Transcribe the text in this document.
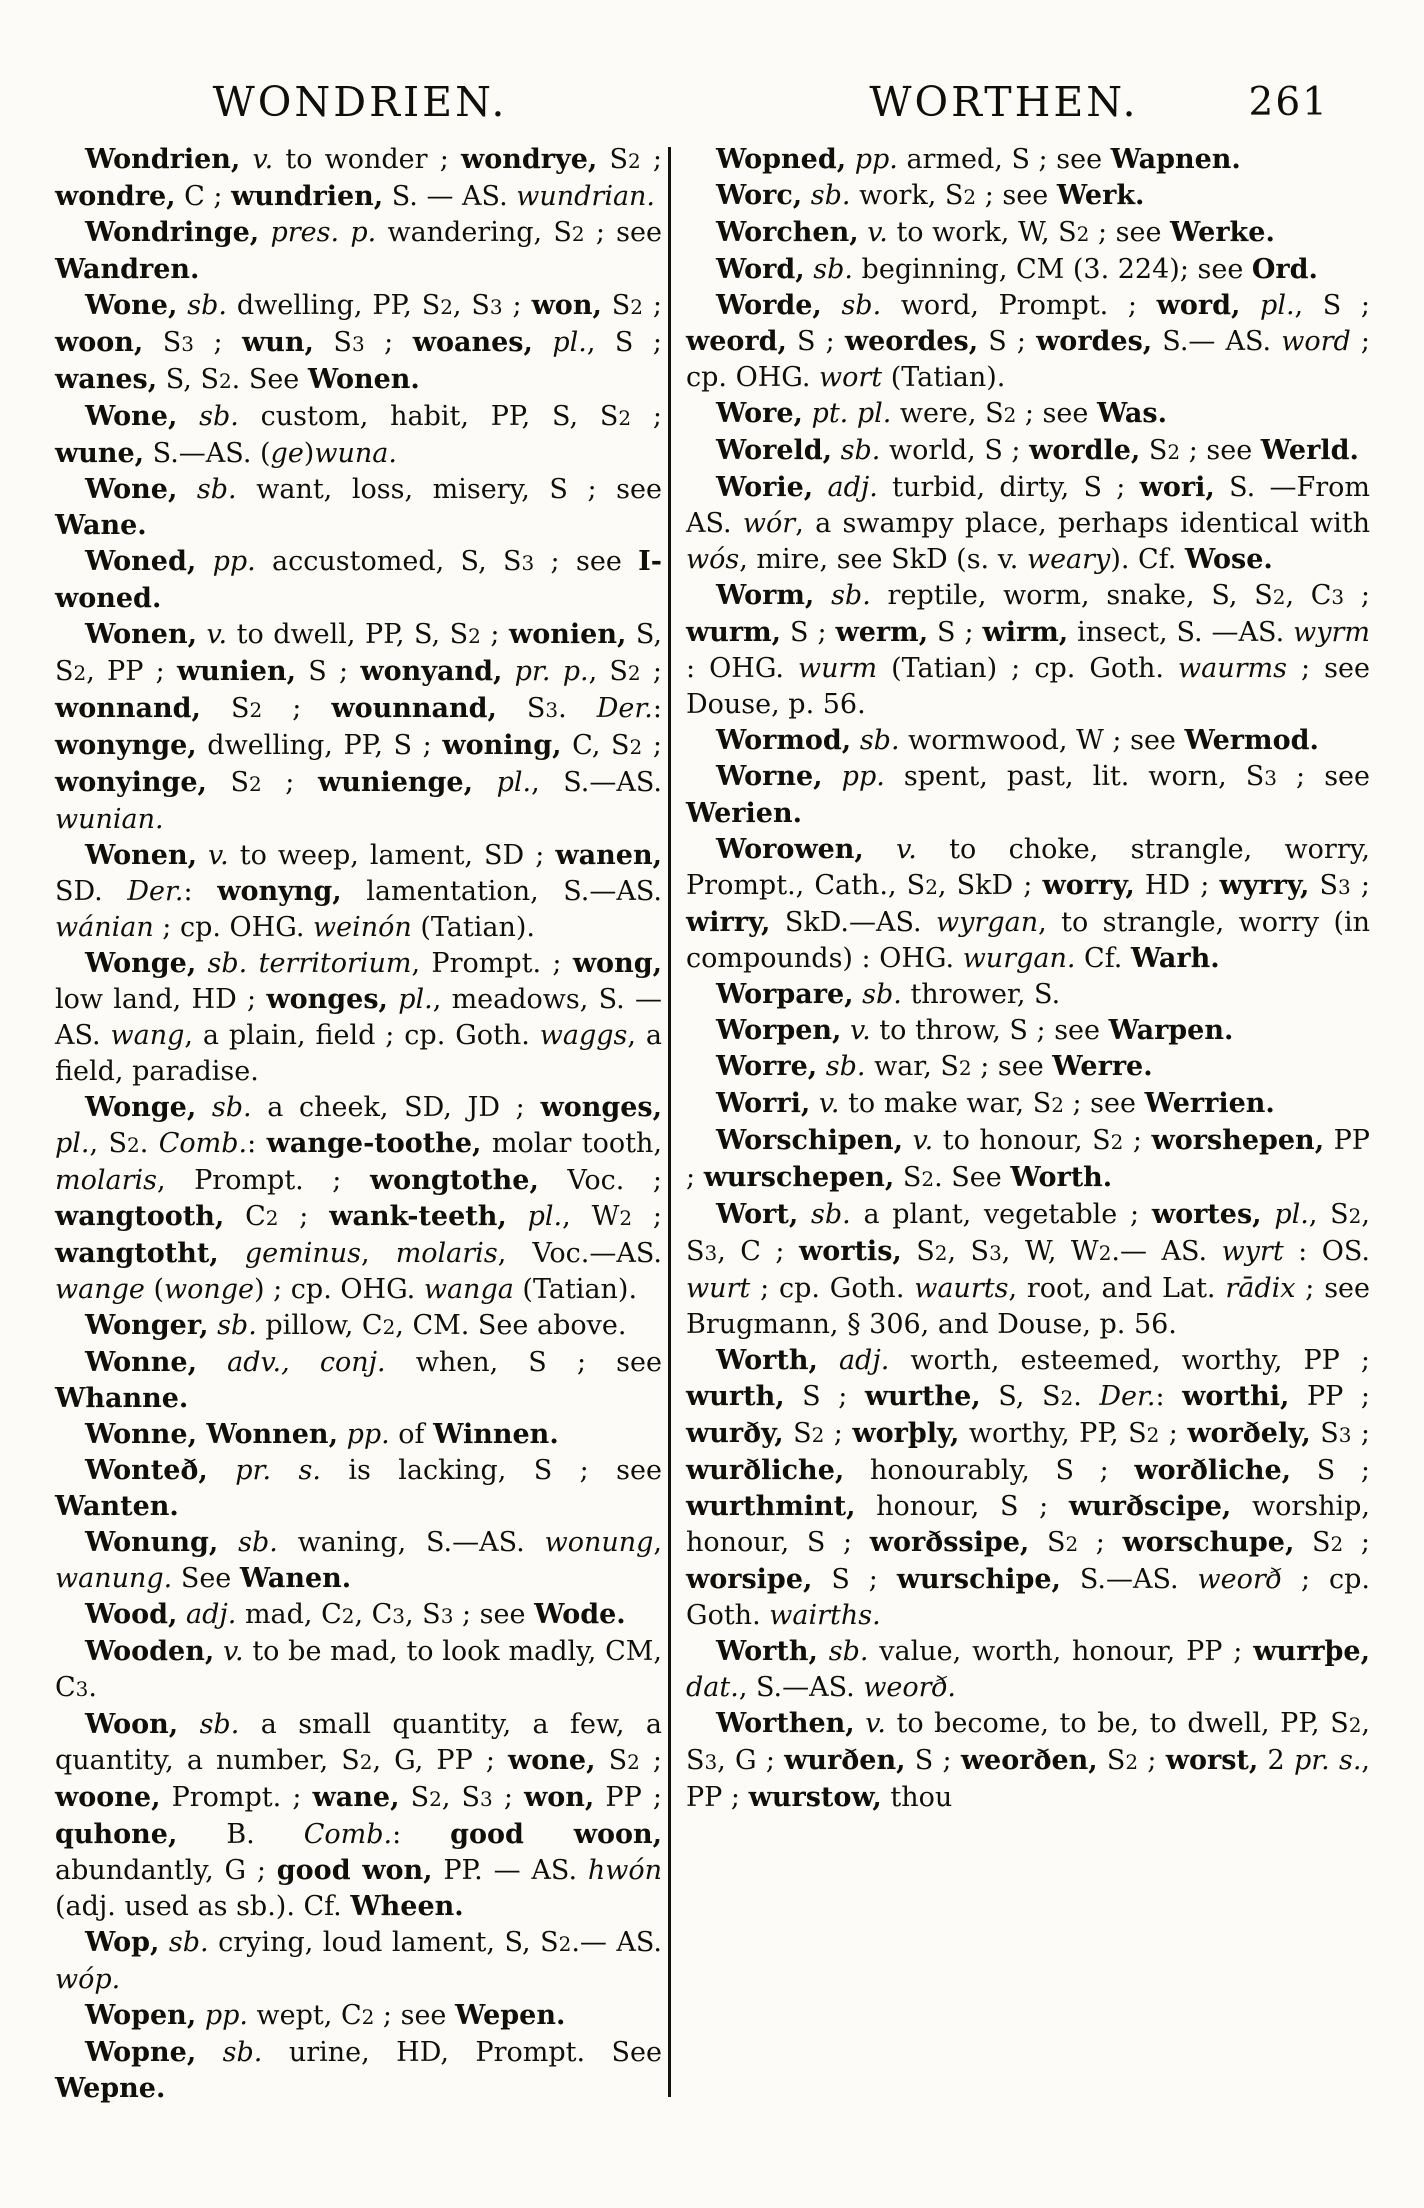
WONDRIEN.	WORTHEN.	261

Wondrien, v. to wonder ; wondrye, S2 ; wondre, C ; wundrien, S. — AS. wundrian.

Wondringe, pres. p. wandering, S2 ; see Wandren.

Wone, sb. dwelling, PP, S2, S3 ; won, S2 ; woon, S3 ; wun, S3 ; woanes, pl., S ; wanes, S, S2. See Wonen.

Wone, sb. custom, habit, PP, S, S2 ; wune, S.—AS. (ge)wuna.

Wone, sb. want, loss, misery, S ; see Wane.

Woned, pp. accustomed, S, S3 ; see I-woned.

Wonen, v. to dwell, PP, S, S2 ; wonien, S, S2, PP ; wunien, S ; wonyand, pr. p., S2 ; wonnand, S2 ; wounnand, S3. Der.: wonynge, dwelling, PP, S ; woning, C, S2 ; wonyinge, S2 ; wunienge, pl., S.—AS. wunian.

Wonen, v. to weep, lament, SD ; wanen, SD. Der.: wonyng, lamentation, S.—AS. wánian ; cp. OHG. weinón (Tatian).

Wonge, sb. territorium, Prompt. ; wong, low land, HD ; wonges, pl., meadows, S. —AS. wang, a plain, field ; cp. Goth. waggs, a field, paradise.

Wonge, sb. a cheek, SD, JD ; wonges, pl., S2. Comb.: wange-toothe, molar tooth, molaris, Prompt. ; wongtothe, Voc. ; wangtooth, C2 ; wank-teeth, pl., W2 ; wangtotht, geminus, molaris, Voc.—AS. wange (wonge) ; cp. OHG. wanga (Tatian).

Wonger, sb. pillow, C2, CM. See above.

Wonne, adv., conj. when, S ; see Whanne.

Wonne, Wonnen, pp. of Winnen.

Wonteð, pr. s. is lacking, S ; see Wanten.

Wonung, sb. waning, S.—AS. wonung, wanung. See Wanen.

Wood, adj. mad, C2, C3, S3 ; see Wode.

Wooden, v. to be mad, to look madly, CM, C3.

Woon, sb. a small quantity, a few, a quantity, a number, S2, G, PP ; wone, S2 ; woone, Prompt. ; wane, S2, S3 ; won, PP ; quhone, B. Comb.: good woon, abundantly, G ; good won, PP. — AS. hwón (adj. used as sb.). Cf. Wheen.

Wop, sb. crying, loud lament, S, S2.— AS. wóp.

Wopen, pp. wept, C2 ; see Wepen.

Wopne, sb. urine, HD, Prompt. See Wepne.

Wopned, pp. armed, S ; see Wapnen.

Worc, sb. work, S2 ; see Werk.

Worchen, v. to work, W, S2 ; see Werke.

Word, sb. beginning, CM (3. 224); see Ord.

Worde, sb. word, Prompt. ; word, pl., S ; weord, S ; weordes, S ; wordes, S.— AS. word ; cp. OHG. wort (Tatian).

Wore, pt. pl. were, S2 ; see Was.

Woreld, sb. world, S ; wordle, S2 ; see Werld.

Worie, adj. turbid, dirty, S ; wori, S. —From AS. wór, a swampy place, perhaps identical with wós, mire, see SkD (s. v. weary). Cf. Wose.

Worm, sb. reptile, worm, snake, S, S2, C3 ; wurm, S ; werm, S ; wirm, insect, S. —AS. wyrm : OHG. wurm (Tatian) ; cp. Goth. waurms ; see Douse, p. 56.

Wormod, sb. wormwood, W ; see Wermod.

Worne, pp. spent, past, lit. worn, S3 ; see Werien.

Worowen, v. to choke, strangle, worry, Prompt., Cath., S2, SkD ; worry, HD ; wyrry, S3 ; wirry, SkD.—AS. wyrgan, to strangle, worry (in compounds) : OHG. wurgan. Cf. Warh.

Worpare, sb. thrower, S.

Worpen, v. to throw, S ; see Warpen.

Worre, sb. war, S2 ; see Werre.

Worri, v. to make war, S2 ; see Werrien.

Worschipen, v. to honour, S2 ; worshepen, PP ; wurschepen, S2. See Worth.

Wort, sb. a plant, vegetable ; wortes, pl., S2, S3, C ; wortis, S2, S3, W, W2.— AS. wyrt : OS. wurt ; cp. Goth. waurts, root, and Lat. rādix ; see Brugmann, § 306, and Douse, p. 56.

Worth, adj. worth, esteemed, worthy, PP ; wurth, S ; wurthe, S, S2. Der.: worthi, PP ; wurðy, S2 ; worþly, worthy, PP, S2 ; worðely, S3 ; wurðliche, honourably, S ; worðliche, S ; wurthmint, honour, S ; wurðscipe, worship, honour, S ; worðssipe, S2 ; worschupe, S2 ; worsipe, S ; wurschipe, S.—AS. weorð ; cp. Goth. wairths.

Worth, sb. value, worth, honour, PP ; wurrþe, dat., S.—AS. weorð.

Worthen, v. to become, to be, to dwell, PP, S2, S3, G ; wurðen, S ; weorðen, S2 ; worst, 2 pr. s., PP ; wurstow, thou
